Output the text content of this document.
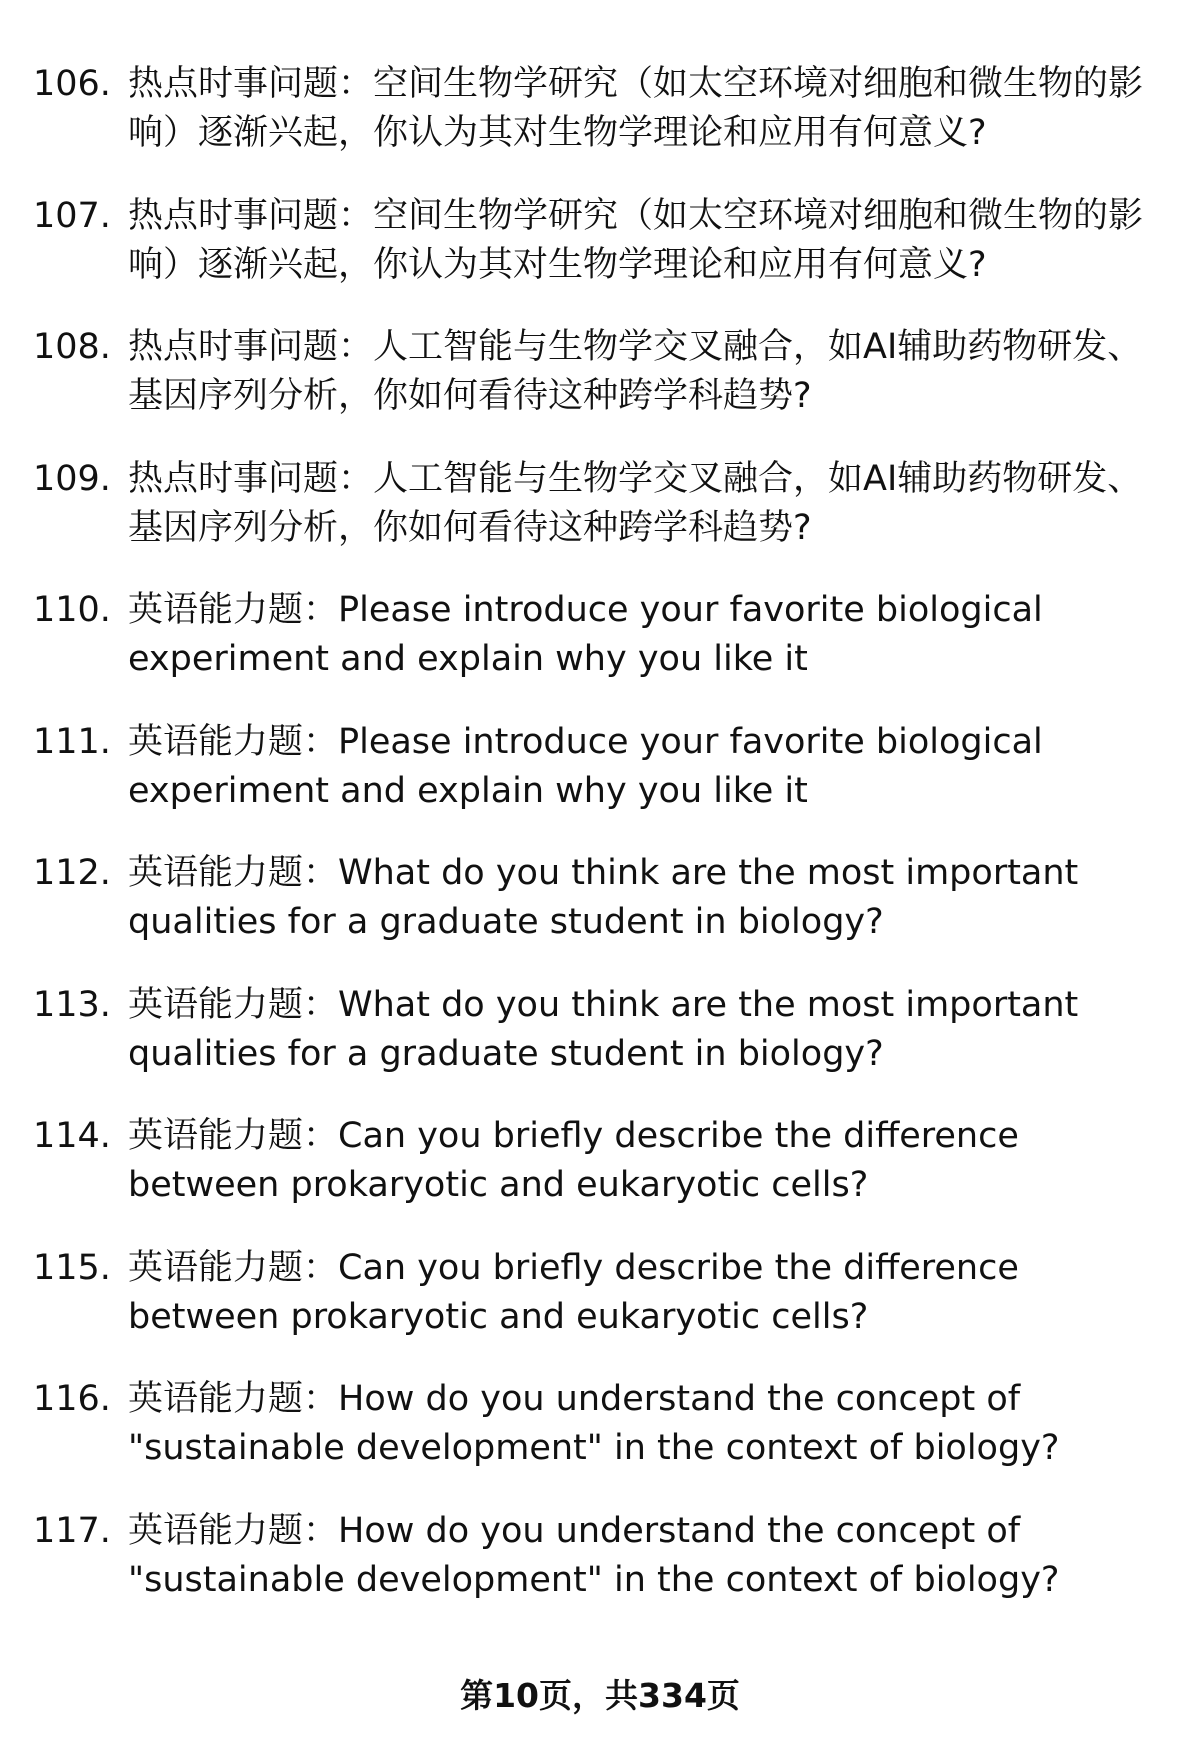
106. 热点时事问题：空间生物学研究（如太空环境对细胞和微生物的影响）逐渐兴起，你认为其对生物学理论和应用有何意义?
107. 热点时事问题：空间生物学研究（如太空环境对细胞和微生物的影响）逐渐兴起，你认为其对生物学理论和应用有何意义?
108. 热点时事问题：人工智能与生物学交叉融合，如AI辅助药物研发、基因序列分析，你如何看待这种跨学科趋势?
109. 热点时事问题：人工智能与生物学交叉融合，如AI辅助药物研发、基因序列分析，你如何看待这种跨学科趋势?
110. 英语能力题：Please introduce your favorite biological experiment and explain why you like it
111. 英语能力题：Please introduce your favorite biological experiment and explain why you like it
112. 英语能力题：What do you think are the most important qualities for a graduate student in biology?
113. 英语能力题：What do you think are the most important qualities for a graduate student in biology?
114. 英语能力题：Can you briefly describe the difference between prokaryotic and eukaryotic cells?
115. 英语能力题：Can you briefly describe the difference between prokaryotic and eukaryotic cells?
116. 英语能力题：How do you understand the concept of "sustainable development" in the context of biology?
117. 英语能力题：How do you understand the concept of "sustainable development" in the context of biology?
第10页，共334页
